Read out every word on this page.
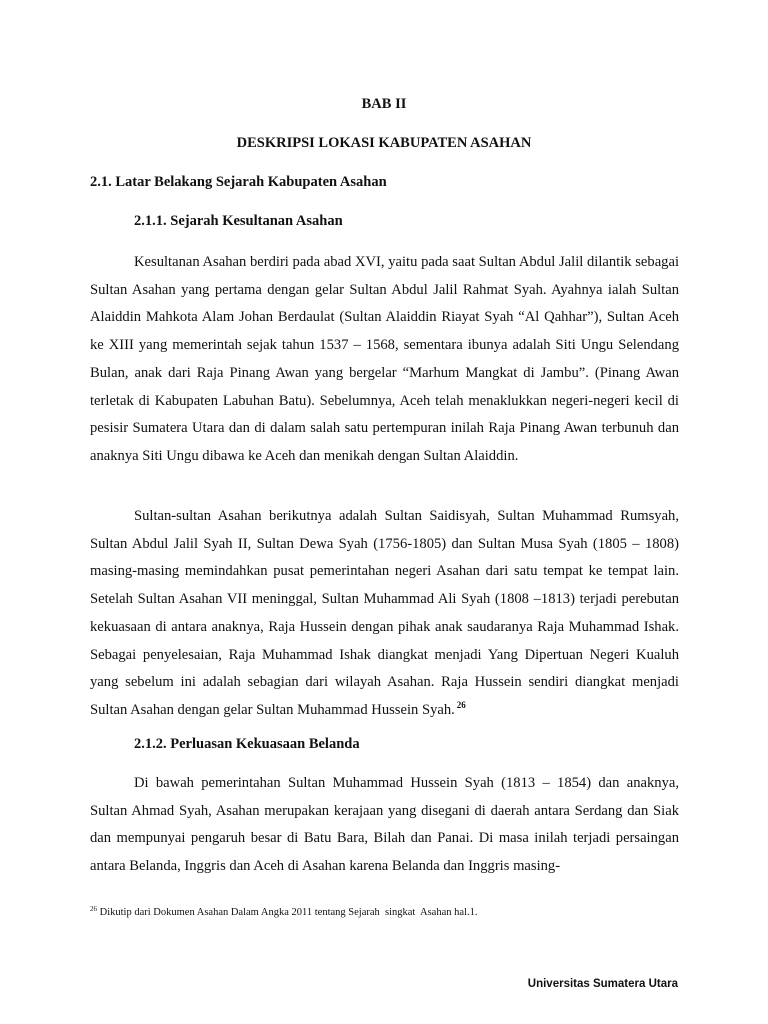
BAB II
DESKRIPSI LOKASI KABUPATEN ASAHAN
2.1. Latar Belakang Sejarah Kabupaten Asahan
2.1.1. Sejarah Kesultanan Asahan

Kesultanan Asahan berdiri pada abad XVI, yaitu pada saat Sultan Abdul Jalil dilantik sebagai Sultan Asahan yang pertama dengan gelar Sultan Abdul Jalil Rahmat Syah. Ayahnya ialah Sultan Alaiddin Mahkota Alam Johan Berdaulat (Sultan Alaiddin Riayat Syah “Al Qahhar”), Sultan Aceh ke XIII yang memerintah sejak tahun 1537 – 1568, sementara ibunya adalah Siti Ungu Selendang Bulan, anak dari Raja Pinang Awan yang bergelar “Marhum Mangkat di Jambu”. (Pinang Awan terletak di Kabupaten Labuhan Batu). Sebelumnya, Aceh telah menaklukkan negeri-negeri kecil di pesisir Sumatera Utara dan di dalam salah satu pertempuran inilah Raja Pinang Awan terbunuh dan anaknya Siti Ungu dibawa ke Aceh dan menikah dengan Sultan Alaiddin.

Sultan-sultan Asahan berikutnya adalah Sultan Saidisyah, Sultan Muhammad Rumsyah, Sultan Abdul Jalil Syah II, Sultan Dewa Syah (1756-1805) dan Sultan Musa Syah (1805 – 1808) masing-masing memindahkan pusat pemerintahan negeri Asahan dari satu tempat ke tempat lain. Setelah Sultan Asahan VII meninggal, Sultan Muhammad Ali Syah (1808 –1813) terjadi perebutan kekuasaan di antara anaknya, Raja Hussein dengan pihak anak saudaranya Raja Muhammad Ishak. Sebagai penyelesaian, Raja Muhammad Ishak diangkat menjadi Yang Dipertuan Negeri Kualuh yang sebelum ini adalah sebagian dari wilayah Asahan. Raja Hussein sendiri diangkat menjadi Sultan Asahan dengan gelar Sultan Muhammad Hussein Syah. $^{26}$

2.1.2. Perluasan Kekuasaan Belanda

Di bawah pemerintahan Sultan Muhammad Hussein Syah (1813 – 1854) dan anaknya, Sultan Ahmad Syah, Asahan merupakan kerajaan yang disegani di daerah antara Serdang dan Siak dan mempunyai pengaruh besar di Batu Bara, Bilah dan Panai. Di masa inilah terjadi persaingan antara Belanda, Inggris dan Aceh di Asahan karena Belanda dan Inggris masing-

$^{26}$ Dikutip dari Dokumen Asahan Dalam Angka 2011 tentang Sejarah  singkat  Asahan hal.1.
Universitas Sumatera Utara
